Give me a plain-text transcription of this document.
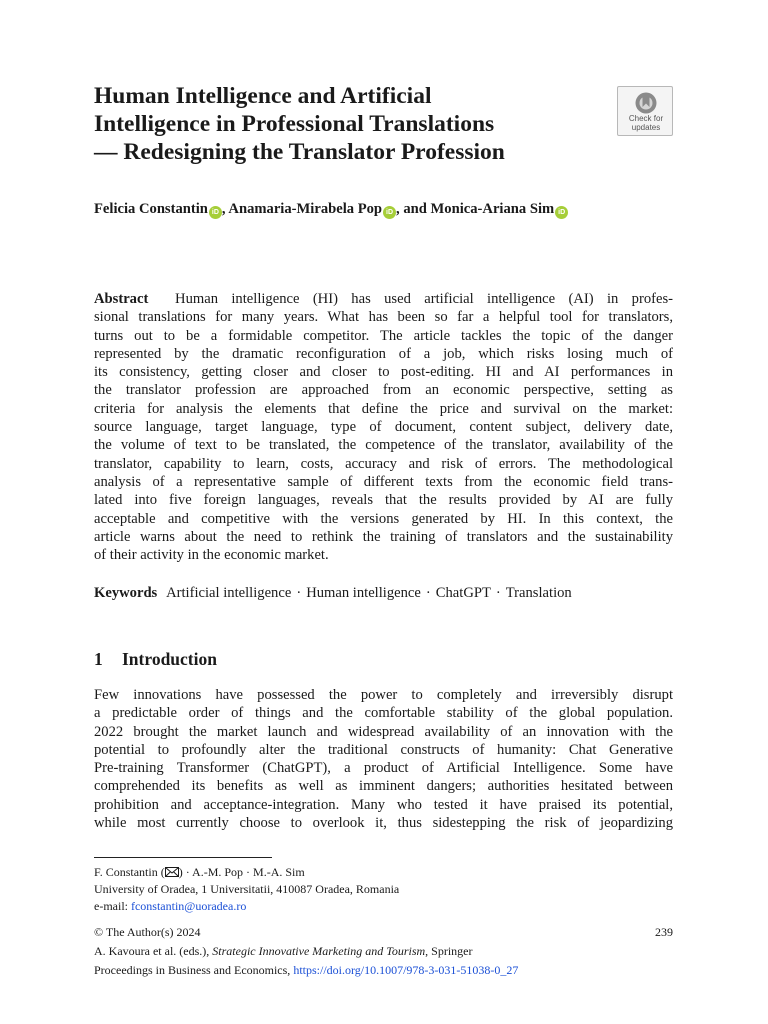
Human Intelligence and Artificial
Intelligence in Professional Translations
— Redesigning the Translator Profession
Check for
updates
Felicia Constantin iD , Anamaria-Mirabela Pop iD , and Monica-Ariana Sim iD
Abstract Human intelligence (HI) has used artificial intelligence (AI) in profes-
sional translations for many years. What has been so far a helpful tool for translators,
turns out to be a formidable competitor. The article tackles the topic of the danger
represented by the dramatic reconfiguration of a job, which risks losing much of
its consistency, getting closer and closer to post-editing. HI and AI performances in
the translator profession are approached from an economic perspective, setting as
criteria for analysis the elements that define the price and survival on the market:
source language, target language, type of document, content subject, delivery date,
the volume of text to be translated, the competence of the translator, availability of the
translator, capability to learn, costs, accuracy and risk of errors. The methodological
analysis of a representative sample of different texts from the economic field trans-
lated into five foreign languages, reveals that the results provided by AI are fully
acceptable and competitive with the versions generated by HI. In this context, the
article warns about the need to rethink the training of translators and the sustainability
of their activity in the economic market.
Keywords Artificial intelligence · Human intelligence · ChatGPT · Translation
1 Introduction
Few innovations have possessed the power to completely and irreversibly disrupt
a predictable order of things and the comfortable stability of the global population.
2022 brought the market launch and widespread availability of an innovation with the
potential to profoundly alter the traditional constructs of humanity: Chat Generative
Pre-training Transformer (ChatGPT), a product of Artificial Intelligence. Some have
comprehended its benefits as well as imminent dangers; authorities hesitated between
prohibition and acceptance-integration. Many who tested it have praised its potential,
while most currently choose to overlook it, thus sidestepping the risk of jeopardizing
F. Constantin ( ) · A.-M. Pop · M.-A. Sim
University of Oradea, 1 Universitatii, 410087 Oradea, Romania
e-mail: fconstantin@uoradea.ro
© The Author(s) 2024	239
A. Kavoura et al. (eds.), Strategic Innovative Marketing and Tourism, Springer
Proceedings in Business and Economics, https://doi.org/10.1007/978-3-031-51038-0_27
